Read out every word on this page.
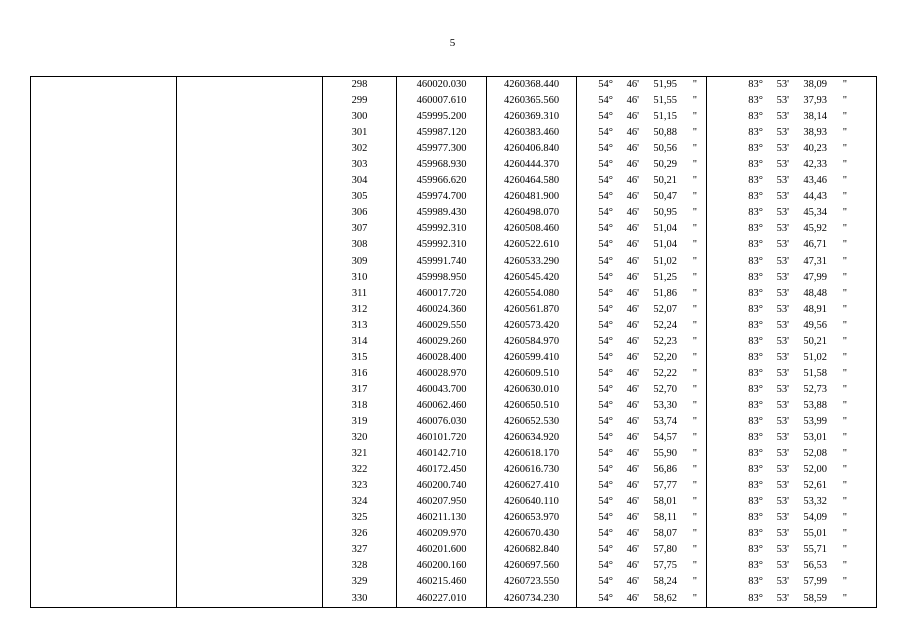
5
		298	460020.030	4260368.440	54° 46' 51,95 "	83° 53' 38,09 "

		299	460007.610	4260365.560	54° 46' 51,55 "	83° 53' 37,93 "

		300	459995.200	4260369.310	54° 46' 51,15 "	83° 53' 38,14 "

		301	459987.120	4260383.460	54° 46' 50,88 "	83° 53' 38,93 "

		302	459977.300	4260406.840	54° 46' 50,56 "	83° 53' 40,23 "

		303	459968.930	4260444.370	54° 46' 50,29 "	83° 53' 42,33 "

		304	459966.620	4260464.580	54° 46' 50,21 "	83° 53' 43,46 "

		305	459974.700	4260481.900	54° 46' 50,47 "	83° 53' 44,43 "

		306	459989.430	4260498.070	54° 46' 50,95 "	83° 53' 45,34 "

		307	459992.310	4260508.460	54° 46' 51,04 "	83° 53' 45,92 "

		308	459992.310	4260522.610	54° 46' 51,04 "	83° 53' 46,71 "

		309	459991.740	4260533.290	54° 46' 51,02 "	83° 53' 47,31 "

		310	459998.950	4260545.420	54° 46' 51,25 "	83° 53' 47,99 "

		311	460017.720	4260554.080	54° 46' 51,86 "	83° 53' 48,48 "

		312	460024.360	4260561.870	54° 46' 52,07 "	83° 53' 48,91 "

		313	460029.550	4260573.420	54° 46' 52,24 "	83° 53' 49,56 "

		314	460029.260	4260584.970	54° 46' 52,23 "	83° 53' 50,21 "

		315	460028.400	4260599.410	54° 46' 52,20 "	83° 53' 51,02 "

		316	460028.970	4260609.510	54° 46' 52,22 "	83° 53' 51,58 "

		317	460043.700	4260630.010	54° 46' 52,70 "	83° 53' 52,73 "

		318	460062.460	4260650.510	54° 46' 53,30 "	83° 53' 53,88 "

		319	460076.030	4260652.530	54° 46' 53,74 "	83° 53' 53,99 "

		320	460101.720	4260634.920	54° 46' 54,57 "	83° 53' 53,01 "

		321	460142.710	4260618.170	54° 46' 55,90 "	83° 53' 52,08 "

		322	460172.450	4260616.730	54° 46' 56,86 "	83° 53' 52,00 "

		323	460200.740	4260627.410	54° 46' 57,77 "	83° 53' 52,61 "

		324	460207.950	4260640.110	54° 46' 58,01 "	83° 53' 53,32 "

		325	460211.130	4260653.970	54° 46' 58,11 "	83° 53' 54,09 "

		326	460209.970	4260670.430	54° 46' 58,07 "	83° 53' 55,01 "

		327	460201.600	4260682.840	54° 46' 57,80 "	83° 53' 55,71 "

		328	460200.160	4260697.560	54° 46' 57,75 "	83° 53' 56,53 "

		329	460215.460	4260723.550	54° 46' 58,24 "	83° 53' 57,99 "

		330	460227.010	4260734.230	54° 46' 58,62 "	83° 53' 58,59 "
